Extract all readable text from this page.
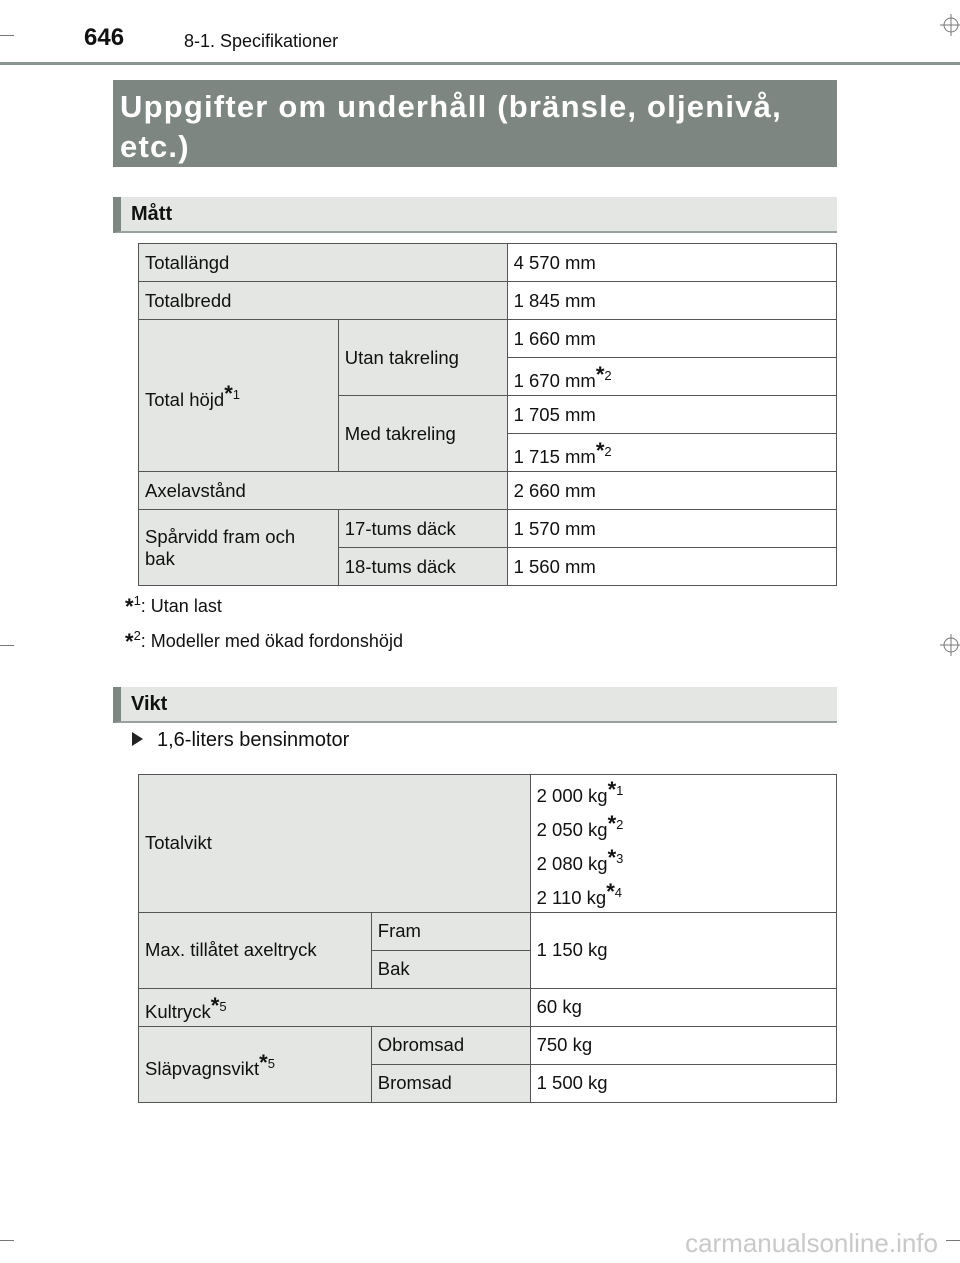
646	8-1. Specifikationer
Uppgifter om underhåll (bränsle, oljenivå,
etc.)
Mått
Totallängd		4 570 mm
Totalbredd		1 845 mm
Total höjd$^{*1}$	Utan takreling	1 660 mm
		1 670 $mm^{*2}$
	Med takreling	1 705 mm
		1 715 $mm^{*2}$
Axelavstånd		2 660 mm

Spårvidd fram och
bak	17-tums däck	1 570 mm
	18-tums däck	1 560 mm
*$^1$: Utan last
*$^2$: Modeller med ökad fordonshöjd
Vikt
1,6-liters bensinmotor
Totalvikt		2 000 $kg^{*1}$
2 050 $kg^{*2}$
2 080 $kg^{*3}$
2 110 $kg^{*4}$

Max. tillåtet axeltryck	Fram	1 150 kg
	Bak	
Kultryck$^{*5}$		60 kg
Släpvagnsvikt$^{*5}$	Obromsad	750 kg
	Bromsad	1 500 kg
carmanualsonline.info
